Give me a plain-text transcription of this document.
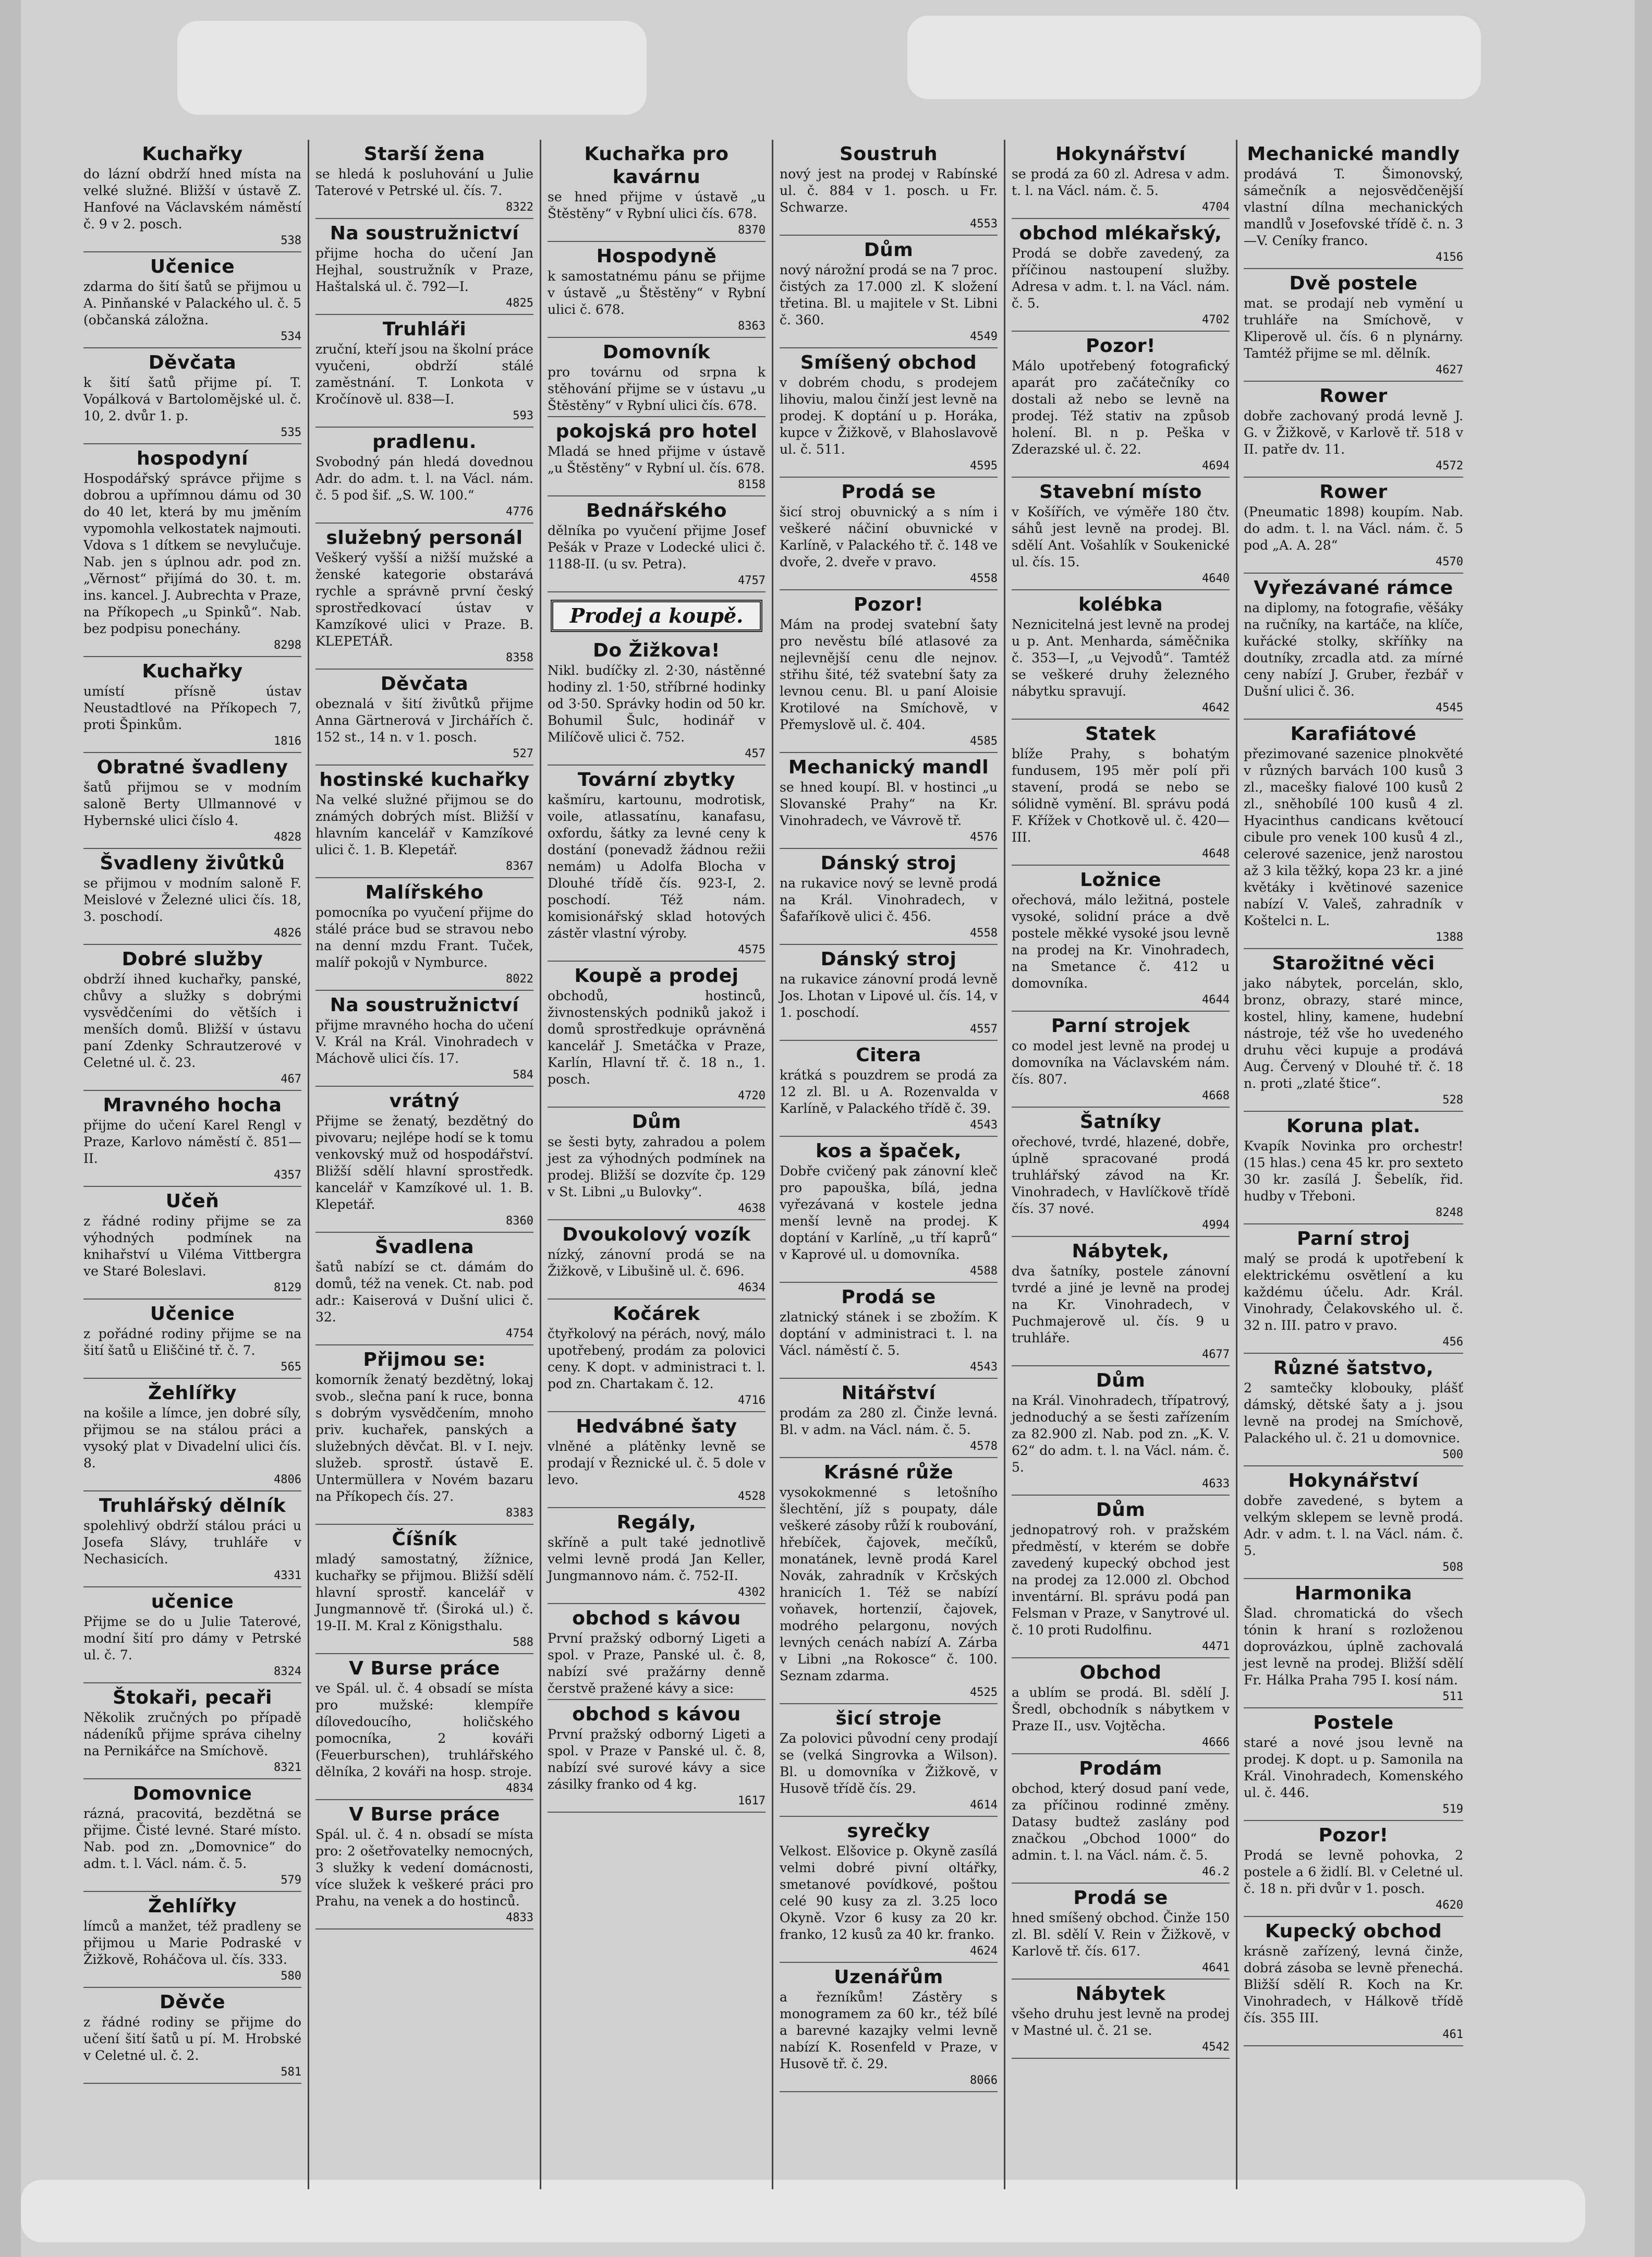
Kuchařky
do lázní obdrží hned místa na velké služné. Bližší v ústavě Z. Hanfové na Václavském náměstí č. 9 v 2. posch.
538
Učenice
zdarma do šití šatů se přijmou u A. Pinňanské v Palackého ul. č. 5 (občanská záložna.
534
Děvčata
k šití šatů přijme pí. T. Vopálková v Bartolomějské ul. č. 10, 2. dvůr 1. p.
535
hospodyní
Hospodářský správce přijme s dobrou a upřímnou dámu od 30 do 40 let, která by mu jměním vypomohla velkostatek najmouti. Vdova s 1 dítkem se nevylučuje. Nab. jen s úplnou adr. pod zn. „Věrnost“ přijímá do 30. t. m. ins. kancel. J. Aubrechta v Praze, na Příkopech „u Spinků“. Nab. bez podpisu ponechány.
8298
Kuchařky
umístí přísně ústav Neustadtlové na Příkopech 7, proti Špinkům.
1816
Obratné švadleny
šatů přijmou se v modním saloně Berty Ullmannové v Hybernské ulici číslo 4.
4828
Švadleny živůtků
se přijmou v modním saloně F. Meislové v Železné ulici čís. 18, 3. poschodí.
4826
Dobré služby
obdrží ihned kuchařky, panské, chůvy a služky s dobrými vysvědčeními do větších i menších domů. Bližší v ústavu paní Zdenky Schrautzerové v Celetné ul. č. 23.
467
Mravného hocha
přijme do učení Karel Rengl v Praze, Karlovo náměstí č. 851—II.
4357
Učeň
z řádné rodiny přijme se za výhodných podmínek na knihařství u Viléma Vittbergra ve Staré Boleslavi.
8129
Učenice
z pořádné rodiny přijme se na šití šatů u Eliščiné tř. č. 7.
565
Žehlířky
na košile a límce, jen dobré síly, přijmou se na stálou práci a vysoký plat v Divadelní ulici čís. 8.
4806
Truhlářský dělník
spolehlivý obdrží stálou práci u Josefa Slávy, truhláře v Nechasicích.
4331
učenice
Přijme se do u Julie Taterové, modní šití pro dámy v Petrské ul. č. 7.
8324
Štokaři, pecaři
Několik zručných po případě nádeníků přijme správa cihelny na Pernikářce na Smíchově.
8321
Domovnice
rázná, pracovitá, bezdětná se přijme. Čisté levné. Staré místo. Nab. pod zn. „Domovnice“ do adm. t. l. Václ. nám. č. 5.
579
Žehlířky
límců a manžet, též pradleny se přijmou u Marie Podraské v Žižkově, Roháčova ul. čís. 333.
580
Děvče
z řádné rodiny se přijme do učení šití šatů u pí. M. Hrobské v Celetné ul. č. 2.
581
Starší žena
se hledá k posluhování u Julie Taterové v Petrské ul. čís. 7.
8322
Na soustružnictví
přijme hocha do učení Jan Hejhal, soustružník v Praze, Haštalská ul. č. 792—I.
4825
Truhláři
zruční, kteří jsou na školní práce vyučeni, obdrží stálé zaměstnání. T. Lonkota v Kročínově ul. 838—I.
593
pradlenu.
Svobodný pán hledá dovednou Adr. do adm. t. l. na Václ. nám. č. 5 pod šif. „S. W. 100.“
4776
služebný personál
Veškerý vyšší a nižší mužské a ženské kategorie obstarává rychle a správně první český sprostředkovací ústav v Kamzíkové ulici v Praze. B. KLEPETÁŘ.
8358
Děvčata
obeznalá v šití živůtků přijme Anna Gärtnerová v Jirchářích č. 152 st., 14 n. v 1. posch.
527
hostinské kuchařky
Na velké služné přijmou se do známých dobrých míst. Bližší v hlavním kancelář v Kamzíkové ulici č. 1. B. Klepetář.
8367
Malířského
pomocníka po vyučení přijme do stálé práce bud se stravou nebo na denní mzdu Frant. Tuček, malíř pokojů v Nymburce.
8022
Na soustružnictví
přijme mravného hocha do učení V. Král na Král. Vinohradech v Máchově ulici čís. 17.
584
vrátný
Přijme se ženatý, bezdětný do pivovaru; nejlépe hodí se k tomu venkovský muž od hospodářství. Bližší sdělí hlavní sprostředk. kancelář v Kamzíkové ul. 1. B. Klepetář.
8360
Švadlena
šatů nabízí se ct. dámám do domů, též na venek. Ct. nab. pod adr.: Kaiserová v Dušní ulici č. 32.
4754
Přijmou se:
komorník ženatý bezdětný, lokaj svob., slečna paní k ruce, bonna s dobrým vysvědčením, mnoho priv. kuchařek, panských a služebných děvčat. Bl. v I. nejv. služeb. sprostř. ústavě E. Untermüllera v Novém bazaru na Příkopech čís. 27.
8383
Číšník
mladý samostatný, žížnice, kuchařky se přijmou. Bližší sdělí hlavní sprostř. kancelář v Jungmannově tř. (Široká ul.) č. 19-II. M. Kral z Königsthalu.
588
V Burse práce
ve Spál. ul. č. 4 obsadí se místa pro mužské: klempíře dílovedoucího, holičského pomocníka, 2 kováři (Feuerburschen), truhlářského dělníka, 2 kováři na hosp. stroje.
4834
V Burse práce
Spál. ul. č. 4 n. obsadí se místa pro: 2 ošetřovatelky nemocných, 3 služky k vedení domácnosti, více služek k veškeré práci pro Prahu, na venek a do hostinců.
4833
Kuchařka pro kavárnu
se hned přijme v ústavě „u Štěstěny“ v Rybní ulici čís. 678.
8370
Hospodyně
k samostatnému pánu se přijme v ústavě „u Štěstěny“ v Rybní ulici č. 678.
8363
Domovník
pro továrnu od srpna k stěhování přijme se v ústavu „u Štěstěny“ v Rybní ulici čís. 678.
pokojská pro hotel
Mladá se hned přijme v ústavě „u Štěstěny“ v Rybní ul. čís. 678.
8158
Bednářského
dělníka po vyučení přijme Josef Pešák v Praze v Lodecké ulici č. 1188-II. (u sv. Petra).
4757
Prodej a koupě.
Do Žižkova!
Nikl. budíčky zl. 2·30, nástěnné hodiny zl. 1·50, stříbrné hodinky od 3·50. Správky hodin od 50 kr. Bohumil Šulc, hodinář v Milíčově ulici č. 752.
457
Tovární zbytky
kašmíru, kartounu, modrotisk, voile, atlassatínu, kanafasu, oxfordu, šátky za levné ceny k dostání (ponevadž žádnou režii nemám) u Adolfa Blocha v Dlouhé třídě čís. 923-I, 2. poschodí. Též nám. komisionářský sklad hotových zástěr vlastní výroby.
4575
Koupě a prodej
obchodů, hostinců, živnostenských podniků jakož i domů sprostředkuje oprávněná kancelář J. Smetáčka v Praze, Karlín, Hlavní tř. č. 18 n., 1. posch.
4720
Dům
se šesti byty, zahradou a polem jest za výhodných podmínek na prodej. Bližší se dozvíte čp. 129 v St. Libni „u Bulovky“.
4638
Dvoukolový vozík
nízký, zánovní prodá se na Žižkově, v Libušině ul. č. 696.
4634
Kočárek
čtyřkolový na pérách, nový, málo upotřebený, prodám za polovici ceny. K dopt. v administraci t. l. pod zn. Chartakam č. 12.
4716
Hedvábné šaty
vlněné a plátěnky levně se prodají v Řeznické ul. č. 5 dole v levo.
4528
Regály,
skříně a pult také jednotlivě velmi levně prodá Jan Keller, Jungmannovo nám. č. 752-II.
4302
obchod s kávou
První pražský odborný Ligeti a spol. v Praze, Panské ul. č. 8, nabízí své pražárny denně čerstvě pražené kávy a sice:
obchod s kávou
První pražský odborný Ligeti a spol. v Praze v Panské ul. č. 8, nabízí své surové kávy a sice zásilky franko od 4 kg.
1617
Soustruh
nový jest na prodej v Rabínské ul. č. 884 v 1. posch. u Fr. Schwarze.
4553
Dům
nový nárožní prodá se na 7 proc. čistých za 17.000 zl. K složení třetina. Bl. u majitele v St. Libni č. 360.
4549
Smíšený obchod
v dobrém chodu, s prodejem lihoviu, malou činží jest levně na prodej. K doptání u p. Horáka, kupce v Žižkově, v Blahoslavově ul. č. 511.
4595
Prodá se
šicí stroj obuvnický a s ním i veškeré náčiní obuvnické v Karlíně, v Palackého tř. č. 148 ve dvoře, 2. dveře v pravo.
4558
Pozor!
Mám na prodej svatební šaty pro nevěstu bílé atlasové za nejlevnější cenu dle nejnov. střihu šité, též svatební šaty za levnou cenu. Bl. u paní Aloisie Krotilové na Smíchově, v Přemyslově ul. č. 404.
4585
Mechanický mandl
se hned koupí. Bl. v hostinci „u Slovanské Prahy“ na Kr. Vinohradech, ve Vávrově tř.
4576
Dánský stroj
na rukavice nový se levně prodá na Král. Vinohradech, v Šafaříkově ulici č. 456.
4558
Dánský stroj
na rukavice zánovní prodá levně Jos. Lhotan v Lipové ul. čís. 14, v 1. poschodí.
4557
Citera
krátká s pouzdrem se prodá za 12 zl. Bl. u A. Rozenvalda v Karlíně, v Palackého třídě č. 39.
4543
kos a špaček,
Dobře cvičený pak zánovní kleč pro papouška, bílá, jedna vyřezávaná v kostele jedna menší levně na prodej. K doptání v Karlíně, „u tří kaprů“ v Kaprové ul. u domovníka.
4588
Prodá se
zlatnický stánek i se zbožím. K doptání v administraci t. l. na Václ. náměstí č. 5.
4543
Nitářství
prodám za 280 zl. Činže levná. Bl. v adm. na Václ. nám. č. 5.
4578
Krásné růže
vysokokmenné s letošního šlechtění, jíž s poupaty, dále veškeré zásoby růží k roubování, hřebíček, čajovek, mečíků, monatánek, levně prodá Karel Novák, zahradník v Krčských hranicích 1. Též se nabízí voňavek, hortenzií, čajovek, modrého pelargonu, nových levných cenách nabízí A. Zárba v Libni „na Rokosce“ č. 100. Seznam zdarma.
4525
šicí stroje
Za polovici původní ceny prodají se (velká Singrovka a Wilson). Bl. u domovníka v Žižkově, v Husově třídě čís. 29.
4614
syrečky
Velkost. Elšovice p. Okyně zasílá velmi dobré pivní oltářky, smetanové povídkové, poštou celé 90 kusy za zl. 3.25 loco Okyně. Vzor 6 kusy za 20 kr. franko, 12 kusů za 40 kr. franko.
4624
Uzenářům
a řezníkům! Zástěry s monogramem za 60 kr., též bílé a barevné kazajky velmi levně nabízí K. Rosenfeld v Praze, v Husově tř. č. 29.
8066
Hokynářství
se prodá za 60 zl. Adresa v adm. t. l. na Václ. nám. č. 5.
4704
obchod mlékařský,
Prodá se dobře zavedený, za příčinou nastoupení služby. Adresa v adm. t. l. na Václ. nám. č. 5.
4702
Pozor!
Málo upotřebený fotografický aparát pro začátečníky co dostali až nebo se levně na prodej. Též stativ na způsob holení. Bl. n p. Peška v Zderazské ul. č. 22.
4694
Stavební místo
v Košířích, ve výměře 180 čtv. sáhů jest levně na prodej. Bl. sdělí Ant. Vošahlík v Soukenické ul. čís. 15.
4640
kolébka
Neznicitelná jest levně na prodej u p. Ant. Menharda, sáměčnika č. 353—I, „u Vejvodů“. Tamtéž se veškeré druhy železného nábytku spravují.
4642
Statek
blíže Prahy, s bohatým fundusem, 195 měr polí při stavení, prodá se nebo se sólidně vymění. Bl. správu podá F. Křížek v Chotkově ul. č. 420—III.
4648
Ložnice
ořechová, málo ležitná, postele vysoké, solidní práce a dvě postele měkké vysoké jsou levně na prodej na Kr. Vinohradech, na Smetance č. 412 u domovníka.
4644
Parní strojek
co model jest levně na prodej u domovníka na Václavském nám. čís. 807.
4668
Šatníky
ořechové, tvrdé, hlazené, dobře, úplně spracované prodá truhlářský závod na Kr. Vinohradech, v Havlíčkově třídě čís. 37 nové.
4994
Nábytek,
dva šatníky, postele zánovní tvrdé a jiné je levně na prodej na Kr. Vinohradech, v Puchmajerově ul. čís. 9 u truhláře.
4677
Dům
na Král. Vinohradech, třípatrový, jednoduchý a se šesti zařízením za 82.900 zl. Nab. pod zn. „K. V. 62“ do adm. t. l. na Václ. nám. č. 5.
4633
Dům
jednopatrový roh. v pražském předměstí, v kterém se dobře zavedený kupecký obchod jest na prodej za 12.000 zl. Obchod inventární. Bl. správu podá pan Felsman v Praze, v Sanytrové ul. č. 10 proti Rudolfinu.
4471
Obchod
a ublím se prodá. Bl. sdělí J. Šredl, obchodník s nábytkem v Praze II., usv. Vojtěcha.
4666
Prodám
obchod, který dosud paní vede, za příčinou rodinné změny. Datasy budtež zaslány pod značkou „Obchod 1000“ do admin. t. l. na Václ. nám. č. 5.
46.2
Prodá se
hned smíšený obchod. Činže 150 zl. Bl. sdělí V. Rein v Žižkově, v Karlově tř. čís. 617.
4641
Nábytek
všeho druhu jest levně na prodej v Mastné ul. č. 21 se.
4542
Mechanické mandly
prodává T. Šimonovský, sámečník a nejosvědčenější vlastní dílna mechanických mandlů v Josefovské třídě č. n. 3—V. Ceníky franco.
4156
Dvě postele
mat. se prodají neb vymění u truhláře na Smíchově, v Kliperově ul. čís. 6 n plynárny. Tamtéž přijme se ml. dělník.
4627
Rower
dobře zachovaný prodá levně J. G. v Žižkově, v Karlově tř. 518 v II. patře dv. 11.
4572
Rower
(Pneumatic 1898) koupím. Nab. do adm. t. l. na Václ. nám. č. 5 pod „A. A. 28“
4570
Vyřezávané rámce
na diplomy, na fotografie, věšáky na ručníky, na kartáče, na klíče, kuřácké stolky, skříňky na doutníky, zrcadla atd. za mírné ceny nabízí J. Gruber, řezbář v Dušní ulici č. 36.
4545
Karafiátové
přezimované sazenice plnokvěté v různých barvách 100 kusů 3 zl., macešky fialové 100 kusů 2 zl., sněhobílé 100 kusů 4 zl. Hyacinthus candicans květoucí cibule pro venek 100 kusů 4 zl., celerové sazenice, jenž narostou až 3 kila těžký, kopa 23 kr. a jiné květáky i květinové sazenice nabízí V. Valeš, zahradník v Koštelci n. L.
1388
Starožitné věci
jako nábytek, porcelán, sklo, bronz, obrazy, staré mince, kostel, hliny, kamene, hudební nástroje, též vše ho uvedeného druhu věci kupuje a prodává Aug. Červený v Dlouhé tř. č. 18 n. proti „zlaté štice“.
528
Koruna plat.
Kvapík Novinka pro orchestr! (15 hlas.) cena 45 kr. pro sexteto 30 kr. zasílá J. Šebelík, řid. hudby v Třeboni.
8248
Parní stroj
malý se prodá k upotřebení k elektrickému osvětlení a ku každému účelu. Adr. Král. Vinohrady, Čelakovského ul. č. 32 n. III. patro v pravo.
456
Různé šatstvo,
2 samtečky klobouky, plášť dámský, dětské šaty a j. jsou levně na prodej na Smíchově, Palackého ul. č. 21 u domovnice.
500
Hokynářství
dobře zavedené, s bytem a velkým sklepem se levně prodá. Adr. v adm. t. l. na Václ. nám. č. 5.
508
Harmonika
Šlad. chromatická do všech tónin k hraní s rozloženou doprovázkou, úplně zachovalá jest levně na prodej. Bližší sdělí Fr. Hálka Praha 795 I. kosí nám.
511
Postele
staré a nové jsou levně na prodej. K dopt. u p. Samonila na Král. Vinohradech, Komenského ul. č. 446.
519
Pozor!
Prodá se levně pohovka, 2 postele a 6 židlí. Bl. v Celetné ul. č. 18 n. při dvůr v 1. posch.
4620
Kupecký obchod
krásně zařízený, levná činže, dobrá zásoba se levně přenechá. Bližší sdělí R. Koch na Kr. Vinohradech, v Hálkově třídě čís. 355 III.
461
